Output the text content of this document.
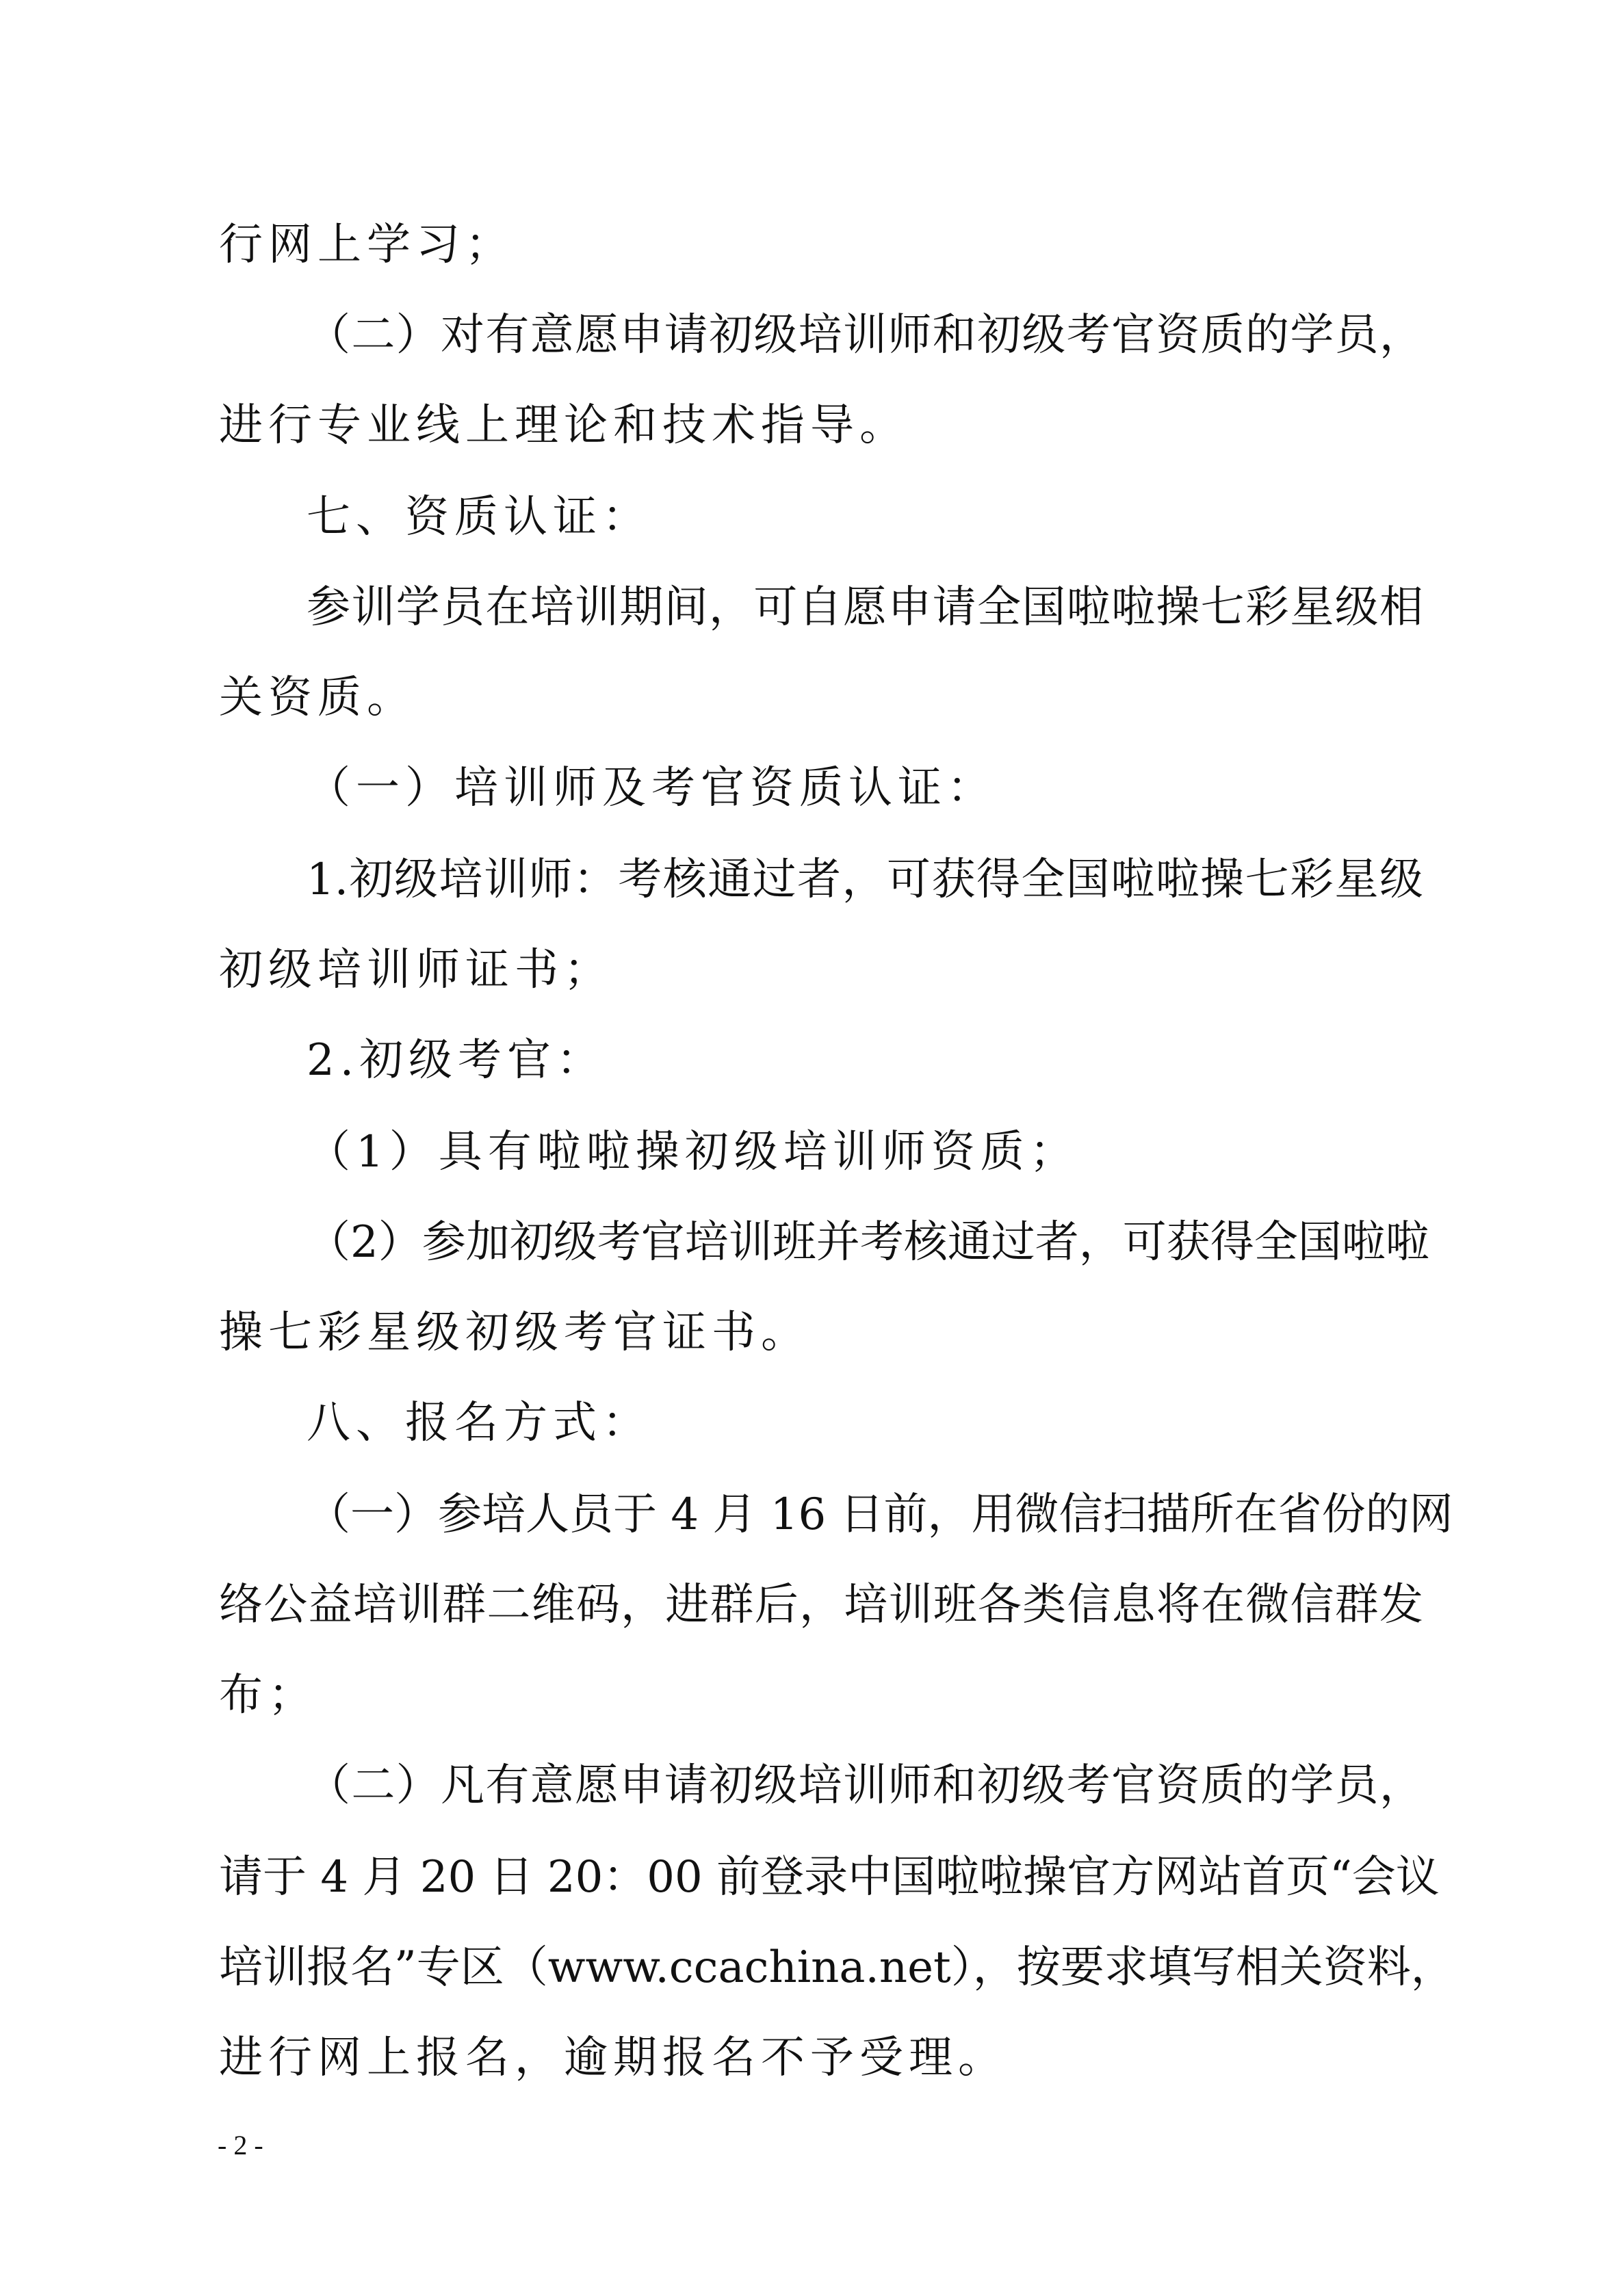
行网上学习；
（二）对有意愿申请初级培训师和初级考官资质的学员，
进行专业线上理论和技术指导。
七、资质认证：
参训学员在培训期间，可自愿申请全国啦啦操七彩星级相
关资质。
（一）培训师及考官资质认证：
1.初级培训师：考核通过者，可获得全国啦啦操七彩星级
初级培训师证书；
2.初级考官：
（1）具有啦啦操初级培训师资质；
（2）参加初级考官培训班并考核通过者，可获得全国啦啦
操七彩星级初级考官证书。
八、报名方式：
（一）参培人员于 4 月 16 日前，用微信扫描所在省份的网
络公益培训群二维码，进群后，培训班各类信息将在微信群发
布；
（二）凡有意愿申请初级培训师和初级考官资质的学员，
请于 4 月 20 日 20：00 前登录中国啦啦操官方网站首页“会议
培训报名”专区（www.ccachina.net），按要求填写相关资料，
进行网上报名，逾期报名不予受理。
- 2 -
